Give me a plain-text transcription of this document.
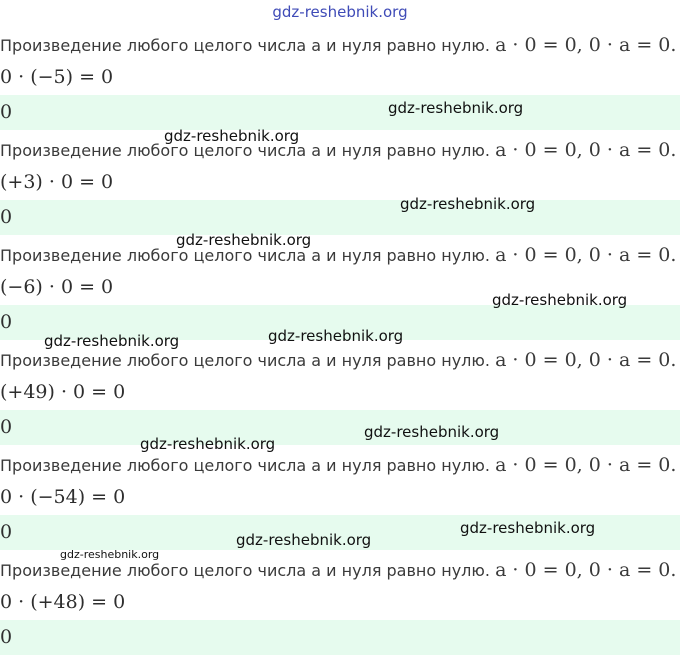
gdz-reshebnik.org
Произведение любого целого числа а и нуля равно нулю. a · 0 = 0, 0 · a = 0.
0 · (−5) = 0
0
Произведение любого целого числа а и нуля равно нулю. a · 0 = 0, 0 · a = 0.
(+3) · 0 = 0
0
Произведение любого целого числа а и нуля равно нулю. a · 0 = 0, 0 · a = 0.
(−6) · 0 = 0
0
Произведение любого целого числа а и нуля равно нулю. a · 0 = 0, 0 · a = 0.
(+49) · 0 = 0
0
Произведение любого целого числа а и нуля равно нулю. a · 0 = 0, 0 · a = 0.
0 · (−54) = 0
0
Произведение любого целого числа а и нуля равно нулю. a · 0 = 0, 0 · a = 0.
0 · (+48) = 0
0
gdz-reshebnik.org
gdz-reshebnik.org
gdz-reshebnik.org
gdz-reshebnik.org
gdz-reshebnik.org
gdz-reshebnik.org	gdz-reshebnik.org
gdz-reshebnik.org
gdz-reshebnik.org
gdz-reshebnik.org
gdz-reshebnik.org
gdz-reshebnik.org
